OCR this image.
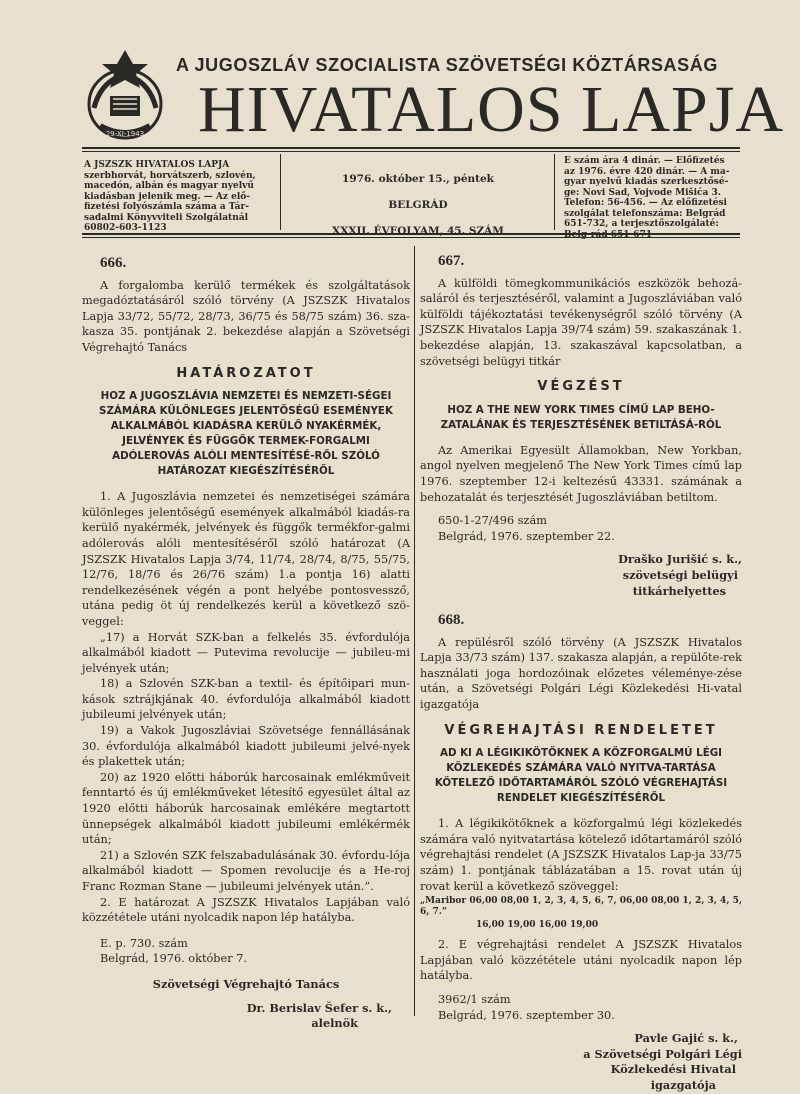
29-XI-1943
A JUGOSZLÁV SZOCIALISTA SZÖVETSÉGI KÖZTÁRSASÁG
HIVATALOS LAPJA
A JSZSZK HIVATALOS LAPJA szerbhorvát, horvátszerb, szlovén, macedón, albán és magyar nyelvű kiadásban jelenik meg. — Az elő-fizetési folyószámla száma a Tár-sadalmi Könyvviteli Szolgálatnál 60802-603-1123
1976. október 15., péntek
BELGRÁD
XXXII. ÉVFOLYAM, 45. SZÁM
E szám ára 4 dinár. — Előfizetés az 1976. évre 420 dinár. — A ma-gyar nyelvű kiadás szerkesztősé-ge: Novi Sad, Vojvode Mišića 3. Telefon: 56-456. — Az előfizetési szolgálat telefonszáma: Belgrád 651-732, a terjesztőszolgálaté: Belg-rád 651-671
666.

A forgalomba kerülő termékek és szolgáltatások megadóztatásáról szóló törvény (A JSZSZK Hivatalos Lapja 33/72, 55/72, 28/73, 36/75 és 58/75 szám) 36. sza-kasza 35. pontjának 2. bekezdése alapján a Szövetségi Végrehajtó Tanács

HATÁROZATOT
HOZ A JUGOSZLÁVIA NEMZETEI ÉS NEMZETI-SÉGEI SZÁMÁRA KÜLÖNLEGES JELENTŐSÉGŰ ESEMÉNYEK ALKALMÁBÓL KIADÁSRA KERÜLŐ NYAKÉRMÉK, JELVÉNYEK ÉS FÜGGŐK TERMEK-FORGALMI ADÓLEROVÁS ALÓLI MENTESÍTÉSÉ-RŐL SZÓLÓ HATÁROZAT KIEGÉSZÍTÉSÉRŐL

1. A Jugoszlávia nemzetei és nemzetiségei számára különleges jelentőségű események alkalmából kiadás-ra kerülő nyakérmék, jelvények és függők termékfor-galmi adólerovás alóli mentesítéséről szóló határozat (A JSZSZK Hivatalos Lapja 3/74, 11/74, 28/74, 8/75, 55/75, 12/76, 18/76 és 26/76 szám) 1.a pontja 16) alatti rendelkezésének végén a pont helyébe pontosvessző, utána pedig öt új rendelkezés kerül a következő szö-veggel:

„17) a Horvát SZK-ban a felkelés 35. évfordulója alkalmából kiadott — Putevima revolucije — jubileu-mi jelvények után;

18) a Szlovén SZK-ban a textil- és építőipari mun-kások sztrájkjának 40. évfordulója alkalmából kiadott jubileumi jelvények után;

19) a Vakok Jugoszláviai Szövetsége fennállásának 30. évfordulója alkalmából kiadott jubileumi jelvé-nyek és plakettek után;

20) az 1920 előtti háborúk harcosainak emlékműveit fenntartó és új emlékműveket létesítő egyesület által az 1920 előtti háborúk harcosainak emlékére megtartott ünnepségek alkalmából kiadott jubileumi emlékérmék után;

21) a Szlovén SZK felszabadulásának 30. évfordu-lója alkalmából kiadott — Spomen revolucije és a He-roj Franc Rozman Stane — jubileumi jelvények után.”.

2. E határozat A JSZSZK Hivatalos Lapjában való közzététele utáni nyolcadik napon lép hatályba.

E. p. 730. szám

Belgrád, 1976. október 7.

Szövetségi Végrehajtó Tanács
Dr. Berislav Šefer s. k.,
alelnök
667.

A külföldi tömegkommunikációs eszközök behozá-saláról és terjesztéséről, valamint a Jugoszláviában való külföldi tájékoztatási tevékenységről szóló törvény (A JSZSZK Hivatalos Lapja 39/74 szám) 59. szakaszának 1. bekezdése alapján, 13. szakaszával kapcsolatban, a szövetségi belügyi titkár

VÉGZÉST
HOZ A THE NEW YORK TIMES CÍMŰ LAP BEHO-ZATALÁNAK ÉS TERJESZTÉSÉNEK BETILTÁSÁ-RÓL

Az Amerikai Egyesült Államokban, New Yorkban, angol nyelven megjelenő The New York Times című lap 1976. szeptember 12-i keltezésű 43331. számának a behozatalát és terjesztését Jugoszláviában betiltom.

650-1-27/496 szám

Belgrád, 1976. szeptember 22.

Draško Jurišić s. k.,
szövetségi belügyi
titkárhelyettes
668.

A repülésről szóló törvény (A JSZSZK Hivatalos Lapja 33/73 szám) 137. szakasza alapján, a repülőte-rek használati joga hordozóinak előzetes véleménye-zése után, a Szövetségi Polgári Légi Közlekedési Hi-vatal igazgatója

VÉGREHAJTÁSI RENDELETET
AD KI A LÉGIKIKÖTŐKNEK A KÖZFORGALMÚ LÉGI KÖZLEKEDÉS SZÁMÁRA VALÓ NYITVA-TARTÁSA KÖTELEZŐ IDŐTARTAMÁRÓL SZÓLÓ VÉGREHAJTÁSI RENDELET KIEGÉSZÍTÉSÉRŐL

1. A légikikötőknek a közforgalmú légi közlekedés számára való nyitvatartása kötelező időtartamáról szóló végrehajtási rendelet (A JSZSZK Hivatalos Lap-ja 33/75 szám) 1. pontjának táblázatában a 15. rovat után új rovat kerül a következő szöveggel:

„Maribor 06,00 08,00 1, 2, 3, 4, 5, 6, 7, 06,00 08,00 1, 2, 3, 4, 5, 6, 7.”

16,00 19,00 16,00 19,00

2. E végrehajtási rendelet A JSZSZK Hivatalos Lapjában való közzététele utáni nyolcadik napon lép hatályba.

3962/1 szám

Belgrád, 1976. szeptember 30.

Pavle Gajić s. k.,
a Szövetségi Polgári Légi
Közlekedési Hivatal
igazgatója
